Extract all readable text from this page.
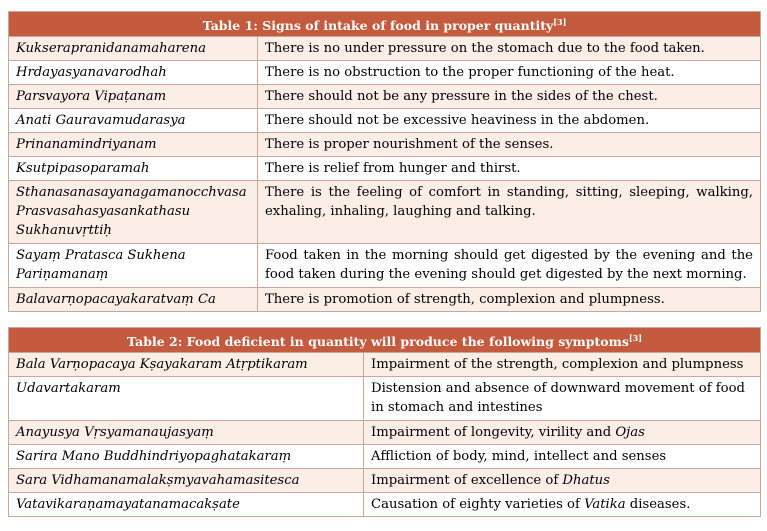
Table 1: Signs of intake of food in proper quantity[3]
Kukserapranidanamaharena	There is no under pressure on the stomach due to the food taken.
Hrdayasyanavarodhah	There is no obstruction to the proper functioning of the heat.
Parsvayora Vipaṭanam	There should not be any pressure in the sides of the chest.
Anati Gauravamudarasya	There should not be excessive heaviness in the abdomen.
Prinanamindriyanam	There is proper nourishment of the senses.
Ksutpipasoparamah	There is relief from hunger and thirst.
Sthanasanasayanagamanocchvasa Prasvasahasyasankathasu Sukhanuvṛttiḥ	There is the feeling of comfort in standing, sitting, sleeping, walking, exhaling, inhaling, laughing and talking.
Sayaṃ Pratasca Sukhena Pariṇamanaṃ	Food taken in the morning should get digested by the evening and the food taken during the evening should get digested by the next morning.
Balavarṇopacayakaratvaṃ Ca	There is promotion of strength, complexion and plumpness.
Table 2: Food deficient in quantity will produce the following symptoms[3]
Bala Varṇopacaya Kṣayakaram Atṛptikaram	Impairment of the strength, complexion and plumpness
Udavartakaram	Distension and absence of downward movement of food in stomach and intestines
Anayusya Vṛsyamanaujasyaṃ	Impairment of longevity, virility and Ojas
Sarira Mano Buddhindriyopaghatakaraṃ	Affliction of body, mind, intellect and senses
Sara Vidhamanamalakṣmyavahamasitesca	Impairment of excellence of Dhatus
Vatavikaraṇamayatanamacakṣate	Causation of eighty varieties of Vatika diseases.
